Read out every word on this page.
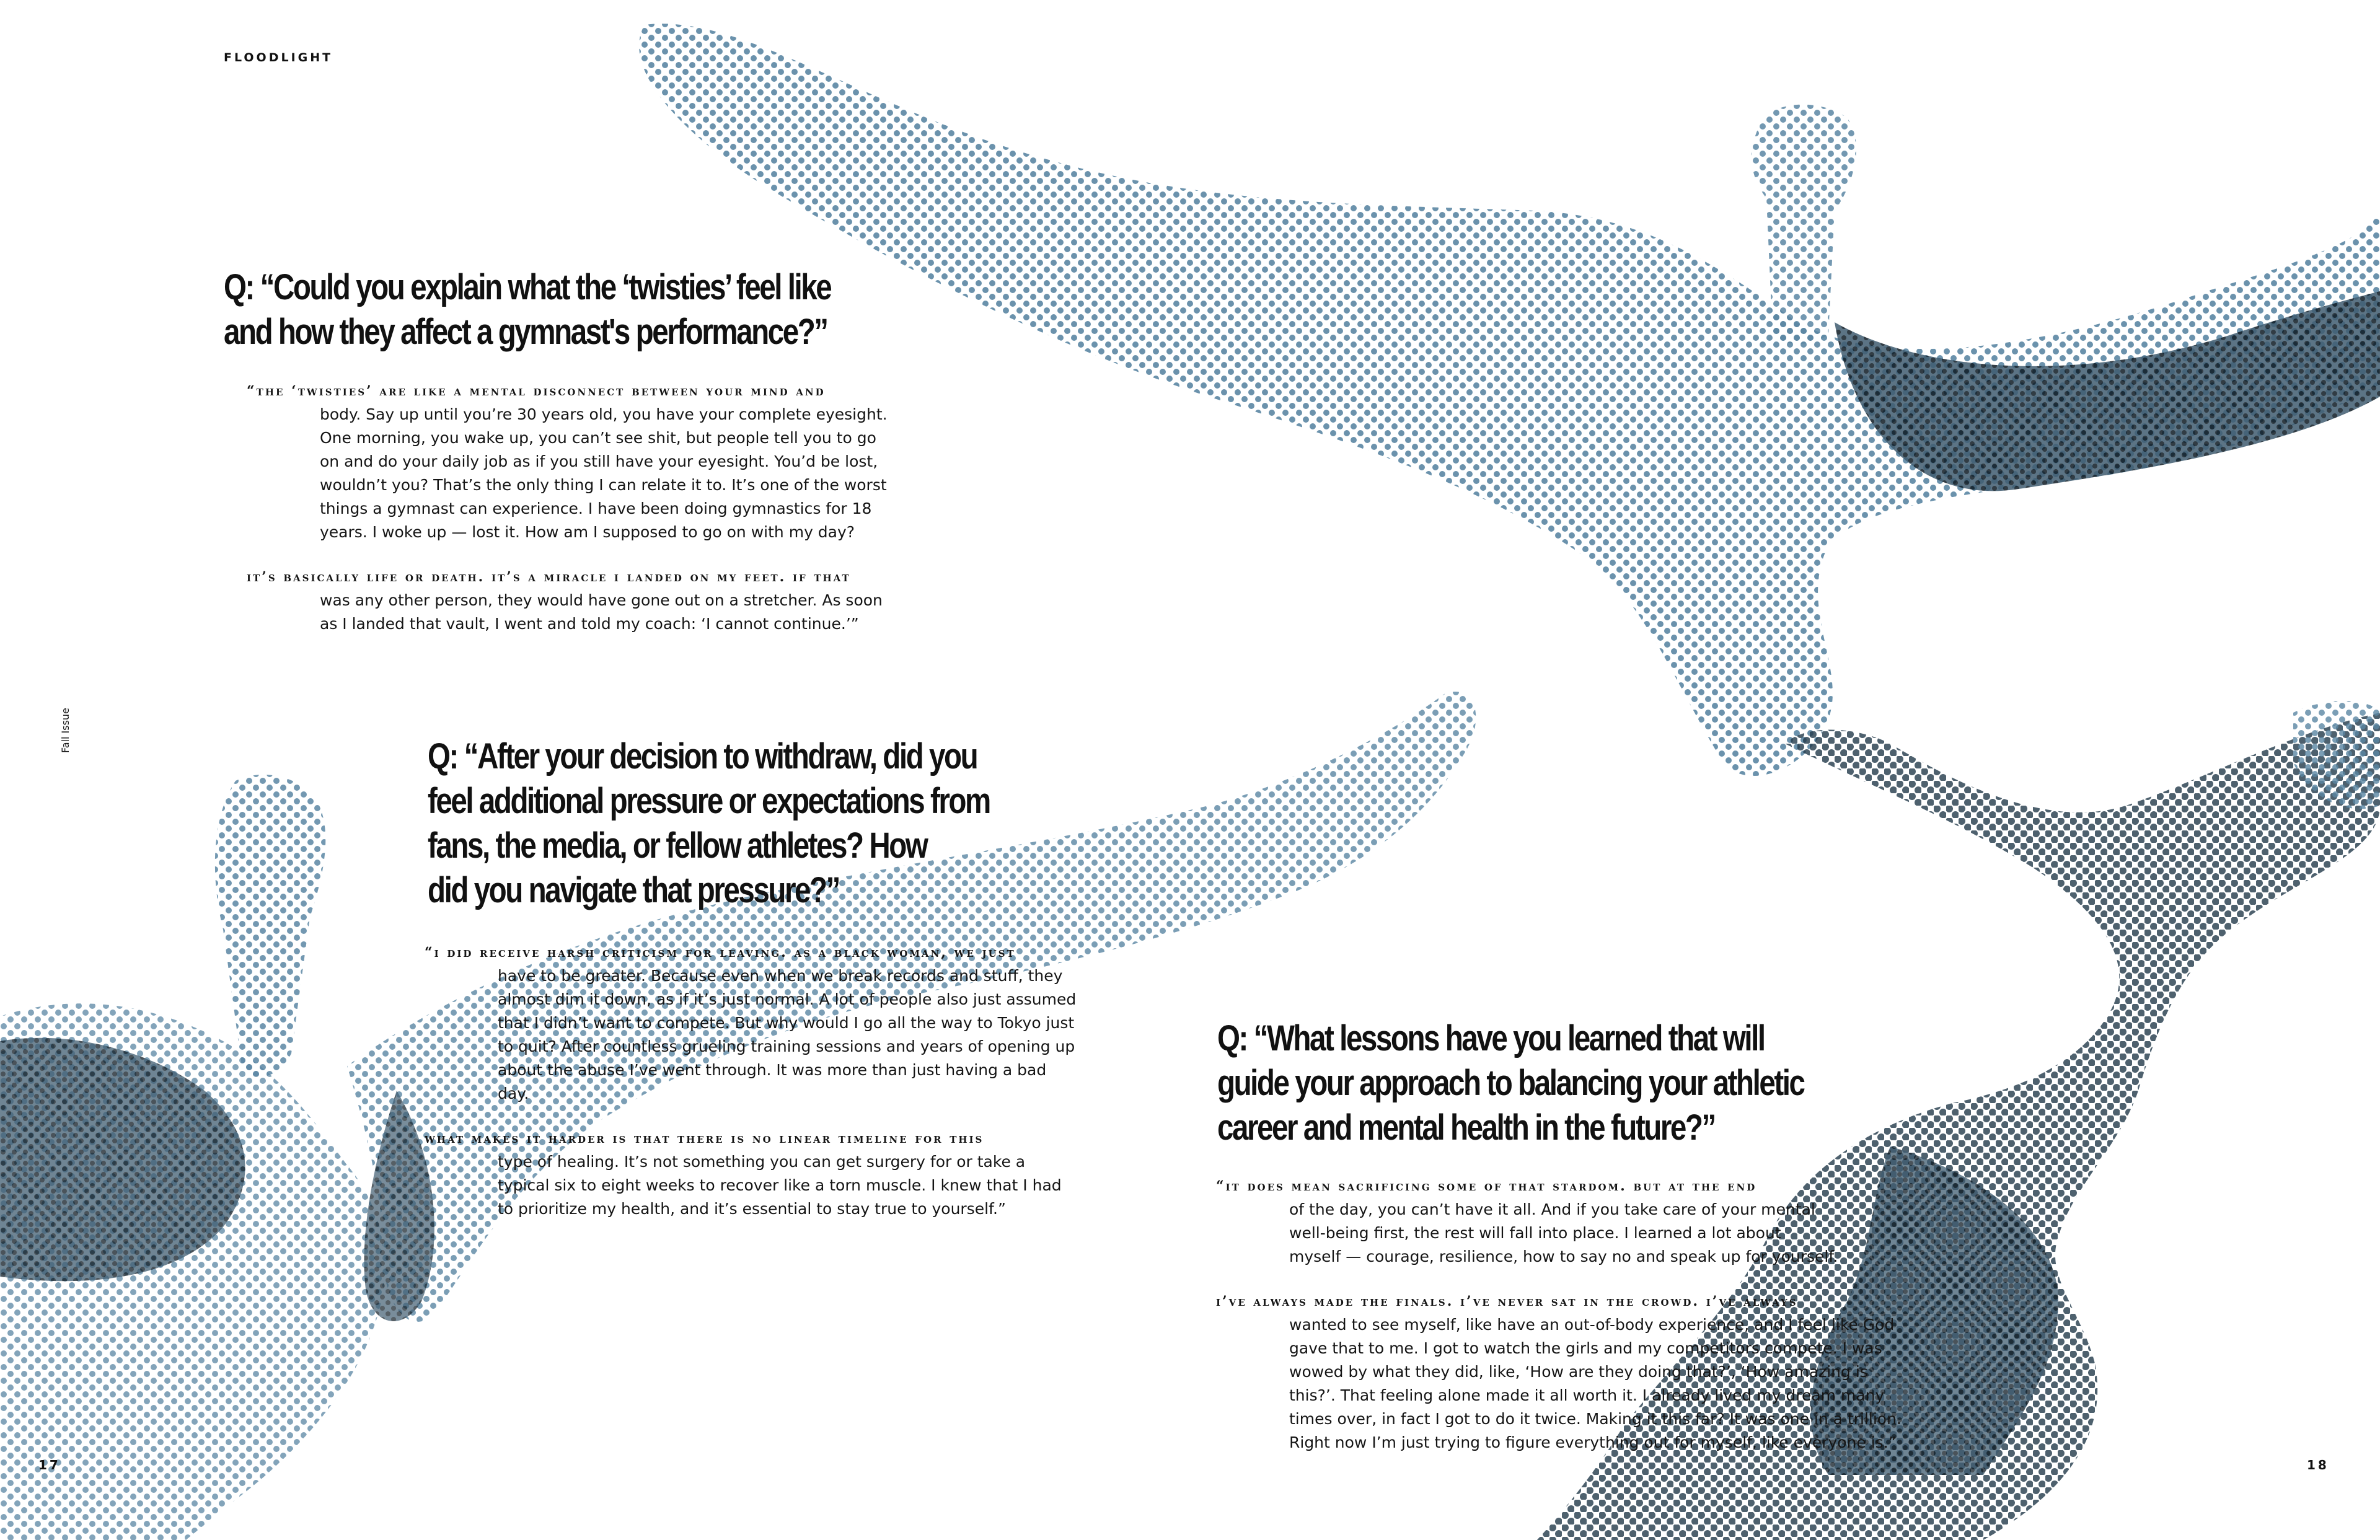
FLOODLIGHT
Fall Issue
17	18
Q: “Could you explain what the ‘twisties’ feel like
and how they affect a gymnast's performance?”
“the ‘twisties’ are like a mental disconnect between your mind and
body. Say up until you’re 30 years old, you have your complete eyesight.
One morning, you wake up, you can’t see shit, but people tell you to go
on and do your daily job as if you still have your eyesight. You’d be lost,
wouldn’t you? That’s the only thing I can relate it to. It’s one of the worst
things a gymnast can experience. I have been doing gymnastics for 18
years. I woke up — lost it. How am I supposed to go on with my day?
it’s basically life or death. it’s a miracle i landed on my feet. if that
was any other person, they would have gone out on a stretcher. As soon
as I landed that vault, I went and told my coach: ‘I cannot continue.’”
Q: “After your decision to withdraw, did you
feel additional pressure or expectations from
fans, the media, or fellow athletes? How
did you navigate that pressure?”
“i did receive harsh criticism for leaving. as a black woman, we just
have to be greater. Because even when we break records and stuff, they
almost dim it down, as if it’s just normal. A lot of people also just assumed
that I didn’t want to compete. But why would I go all the way to Tokyo just
to quit? After countless grueling training sessions and years of opening up
about the abuse I’ve went through. It was more than just having a bad day.
what makes it harder is that there is no linear timeline for this
type of healing. It’s not something you can get surgery for or take a
typical six to eight weeks to recover like a torn muscle. I knew that I had
to prioritize my health, and it’s essential to stay true to yourself.”
Q: “What lessons have you learned that will
guide your approach to balancing your athletic
career and mental health in the future?”
“it does mean sacrificing some of that stardom. but at the end
of the day, you can’t have it all. And if you take care of your mental
well-being first, the rest will fall into place. I learned a lot about
myself — courage, resilience, how to say no and speak up for yourself.
i’ve always made the finals. i’ve never sat in the crowd. i’ve always
wanted to see myself, like have an out-of-body experience, and I feel like God
gave that to me. I got to watch the girls and my competitors compete. I was
wowed by what they did, like, ‘How are they doing that?’, ‘How amazing is
this?’. That feeling alone made it all worth it. I already lived my dream many
times over, in fact I got to do it twice. Making it this far? It was one in a trillion.
Right now I’m just trying to figure everything out for myself, like everyone is.”
